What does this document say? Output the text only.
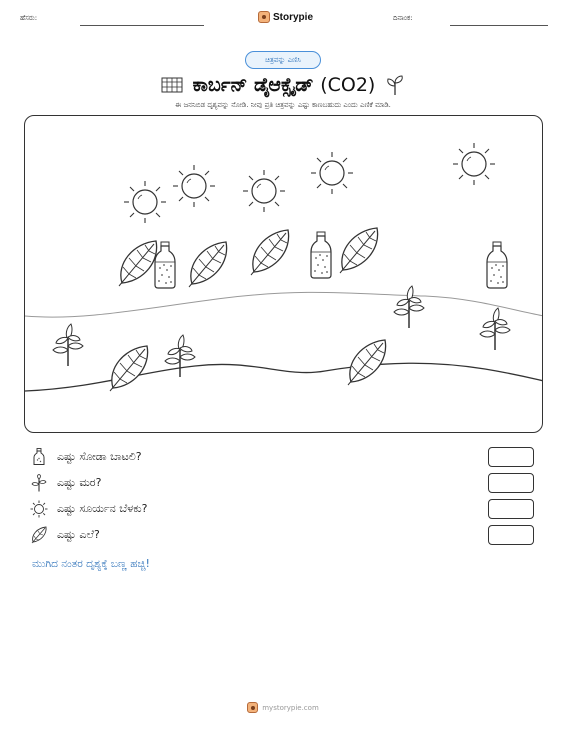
ಹೆಸರು:	Storypie	ದಿನಾಂಕ:
ಚಿತ್ರವನ್ನು ಎಣಿಸಿ
ಕಾರ್ಬನ್ ಡೈಆಕ್ಸೈಡ್ (CO2)
ಈ ಜನನಿಬಿಡ ದೃಶ್ಯವನ್ನು ನೋಡಿ. ನೀವು ಪ್ರತಿ ಚಿತ್ರವನ್ನು ಎಷ್ಟು ಕಾಣಬಹುದು ಎಂದು ಎಣಿಕೆ ಮಾಡಿ.
ಎಷ್ಟು ಸೋಡಾ ಬಾಟಲಿ?
ಎಷ್ಟು ಮರ?
ಎಷ್ಟು ಸೂರ್ಯನ ಬೆಳಕು?
ಎಷ್ಟು ಎಲೆ?
ಮುಗಿದ ನಂತರ ದೃಶ್ಯಕ್ಕೆ ಬಣ್ಣ ಹಚ್ಚಿ!
mystorypie.com
